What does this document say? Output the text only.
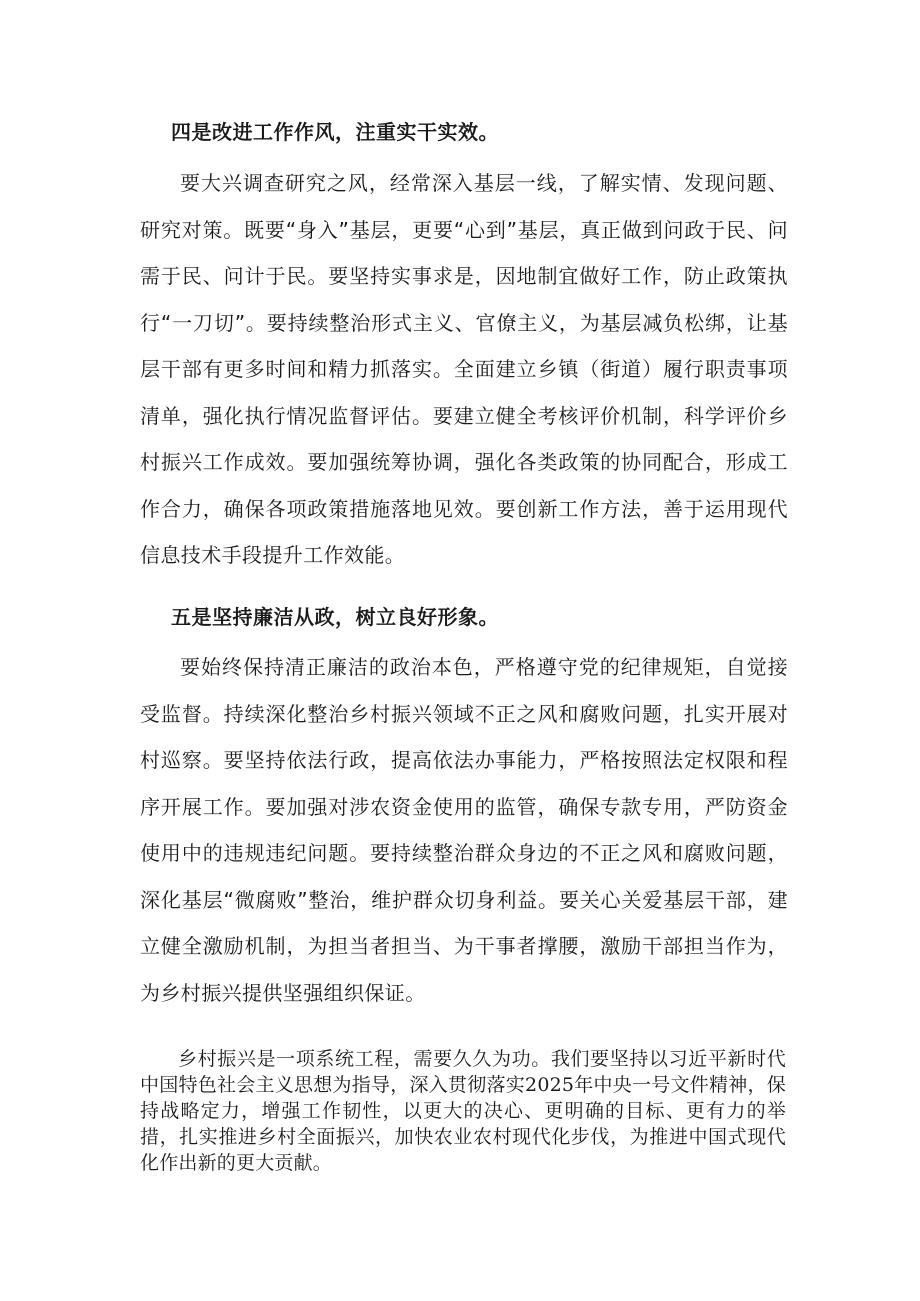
四是改进工作作风，注重实干实效。

要大兴调查研究之风，经常深入基层一线，了解实情、发现问题、研究对策。既要“身入”基层，更要“心到”基层，真正做到问政于民、问需于民、问计于民。要坚持实事求是，因地制宜做好工作，防止政策执行“一刀切”。要持续整治形式主义、官僚主义，为基层减负松绑，让基层干部有更多时间和精力抓落实。全面建立乡镇（街道）履行职责事项清单，强化执行情况监督评估。要建立健全考核评价机制，科学评价乡村振兴工作成效。要加强统筹协调，强化各类政策的协同配合，形成工作合力，确保各项政策措施落地见效。要创新工作方法，善于运用现代信息技术手段提升工作效能。

五是坚持廉洁从政，树立良好形象。

要始终保持清正廉洁的政治本色，严格遵守党的纪律规矩，自觉接受监督。持续深化整治乡村振兴领域不正之风和腐败问题，扎实开展对村巡察。要坚持依法行政，提高依法办事能力，严格按照法定权限和程序开展工作。要加强对涉农资金使用的监管，确保专款专用，严防资金使用中的违规违纪问题。要持续整治群众身边的不正之风和腐败问题，深化基层“微腐败”整治，维护群众切身利益。要关心关爱基层干部，建立健全激励机制，为担当者担当、为干事者撑腰，激励干部担当作为，为乡村振兴提供坚强组织保证。

乡村振兴是一项系统工程，需要久久为功。我们要坚持以习近平新时代中国特色社会主义思想为指导，深入贯彻落实2025年中央一号文件精神，保持战略定力，增强工作韧性，以更大的决心、更明确的目标、更有力的举措，扎实推进乡村全面振兴，加快农业农村现代化步伐，为推进中国式现代化作出新的更大贡献。
